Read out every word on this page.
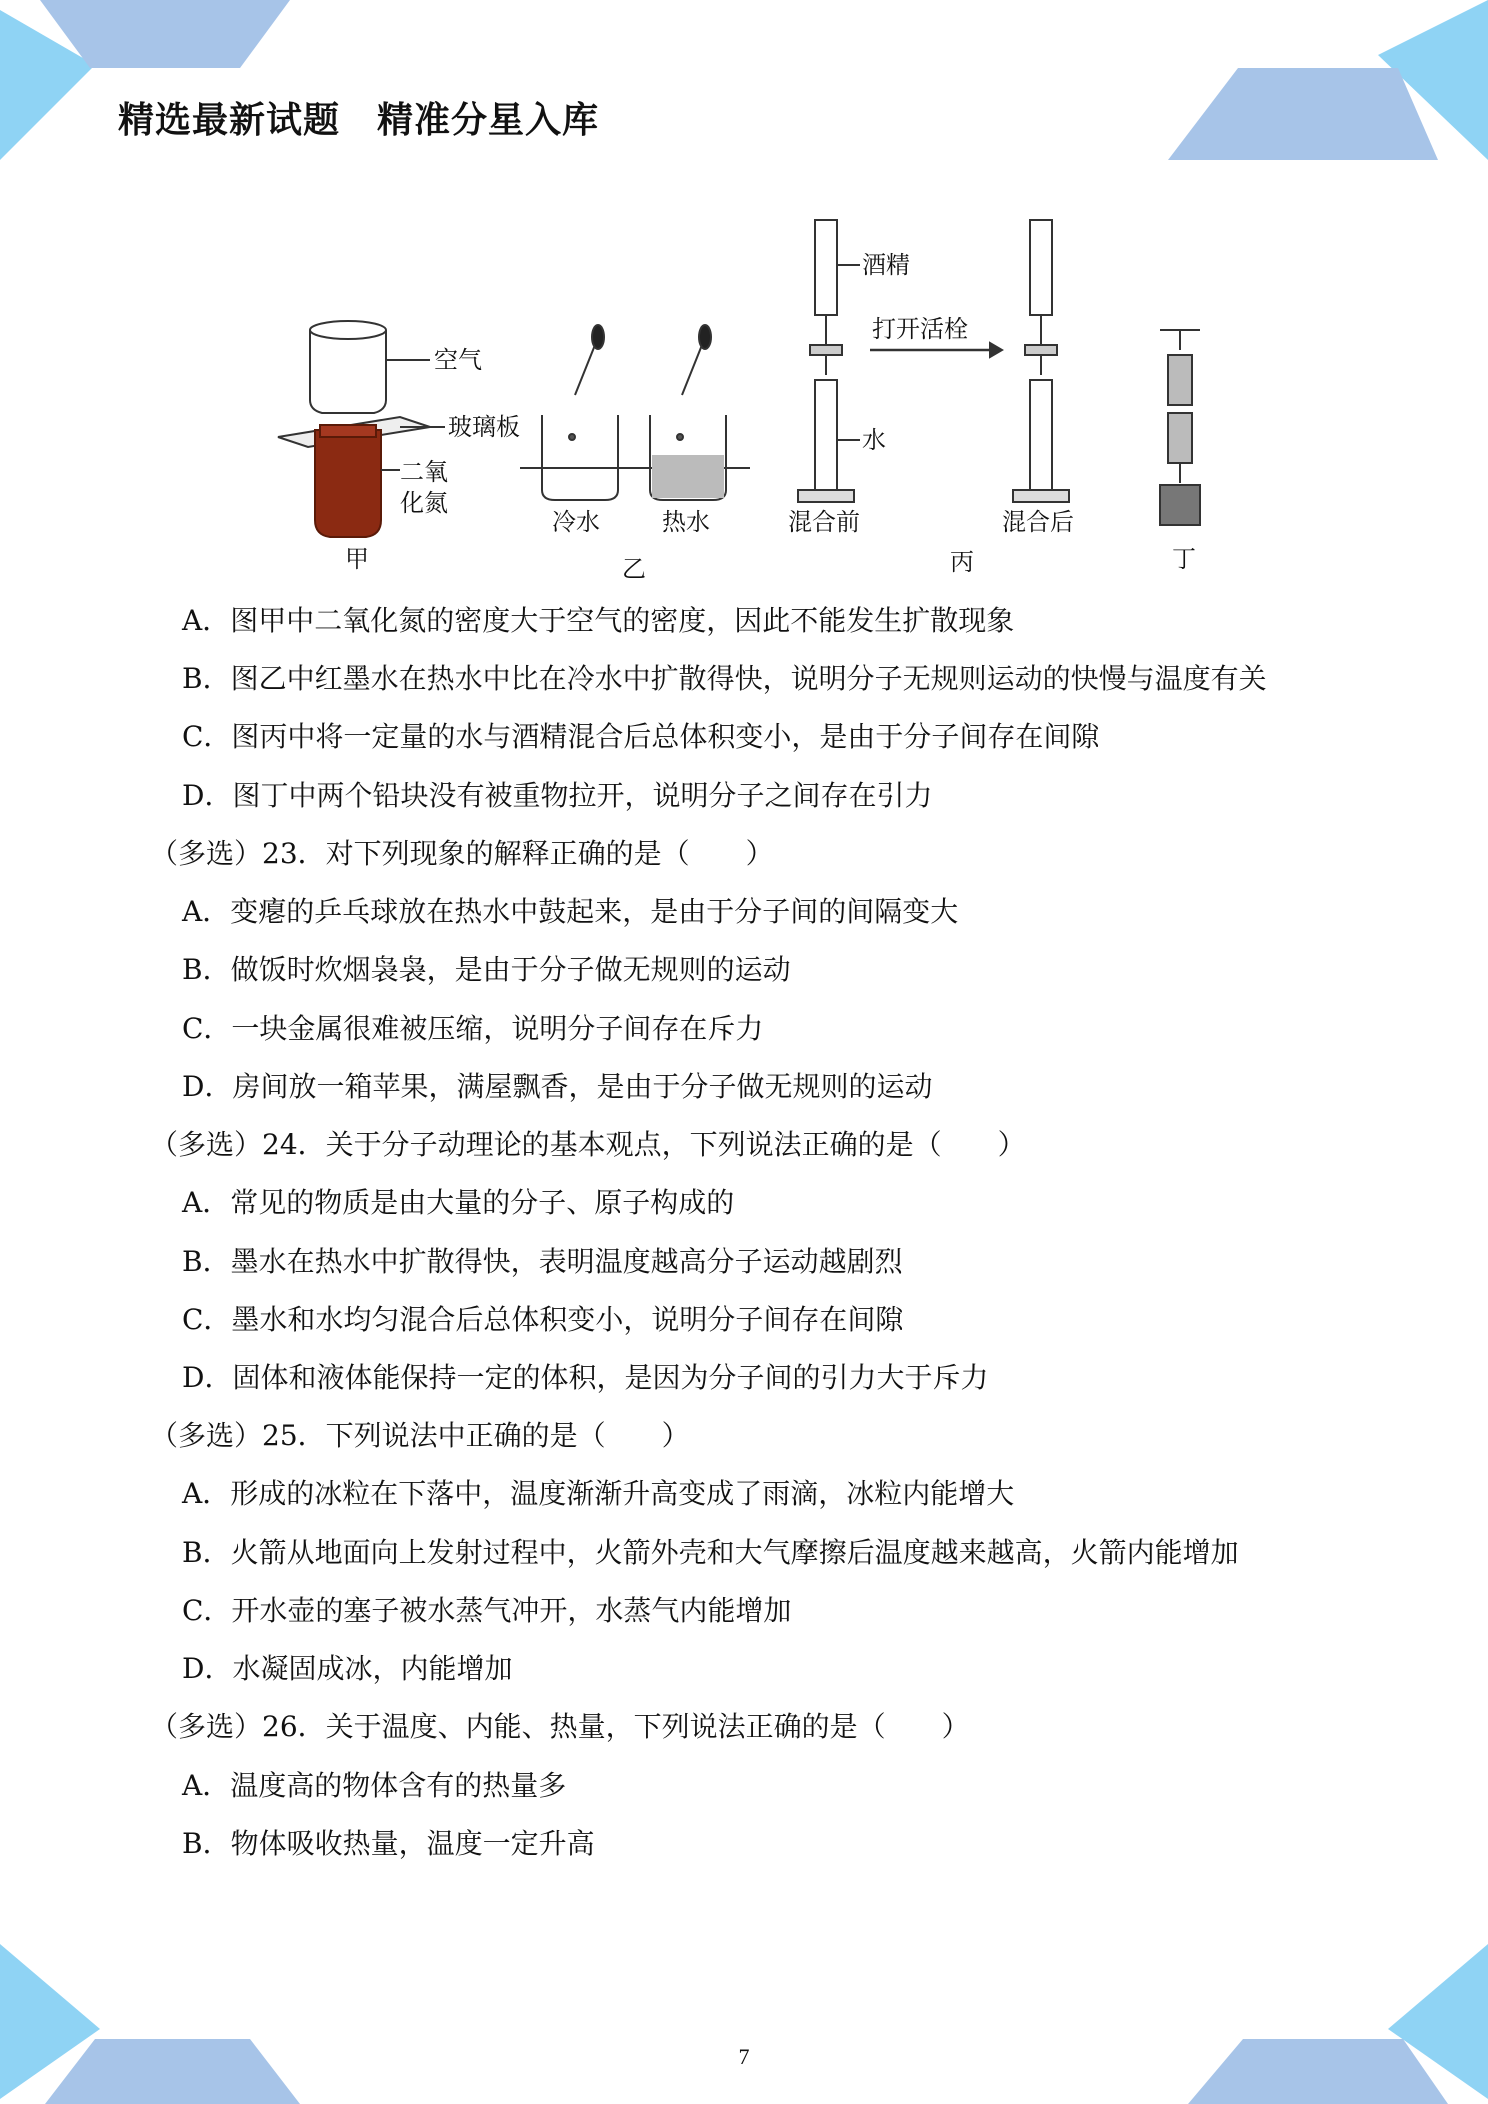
精选最新试题　精准分星入库
空气
玻璃板
二氧
化氮
甲
冷水	热水
乙
酒精
水
打开活栓
混合前	混合后
丙	丁
A．图甲中二氧化氮的密度大于空气的密度，因此不能发生扩散现象
B．图乙中红墨水在热水中比在冷水中扩散得快，说明分子无规则运动的快慢与温度有关
C．图丙中将一定量的水与酒精混合后总体积变小，是由于分子间存在间隙
D．图丁中两个铅块没有被重物拉开，说明分子之间存在引力
（多选）23．对下列现象的解释正确的是（　　）
A．变瘪的乒乓球放在热水中鼓起来，是由于分子间的间隔变大
B．做饭时炊烟袅袅，是由于分子做无规则的运动
C．一块金属很难被压缩，说明分子间存在斥力
D．房间放一箱苹果，满屋飘香，是由于分子做无规则的运动
（多选）24．关于分子动理论的基本观点，下列说法正确的是（　　）
A．常见的物质是由大量的分子、原子构成的
B．墨水在热水中扩散得快，表明温度越高分子运动越剧烈
C．墨水和水均匀混合后总体积变小，说明分子间存在间隙
D．固体和液体能保持一定的体积，是因为分子间的引力大于斥力
（多选）25．下列说法中正确的是（　　）
A．形成的冰粒在下落中，温度渐渐升高变成了雨滴，冰粒内能增大
B．火箭从地面向上发射过程中，火箭外壳和大气摩擦后温度越来越高，火箭内能增加
C．开水壶的塞子被水蒸气冲开，水蒸气内能增加
D．水凝固成冰，内能增加
（多选）26．关于温度、内能、热量，下列说法正确的是（　　）
A．温度高的物体含有的热量多
B．物体吸收热量，温度一定升高
7
